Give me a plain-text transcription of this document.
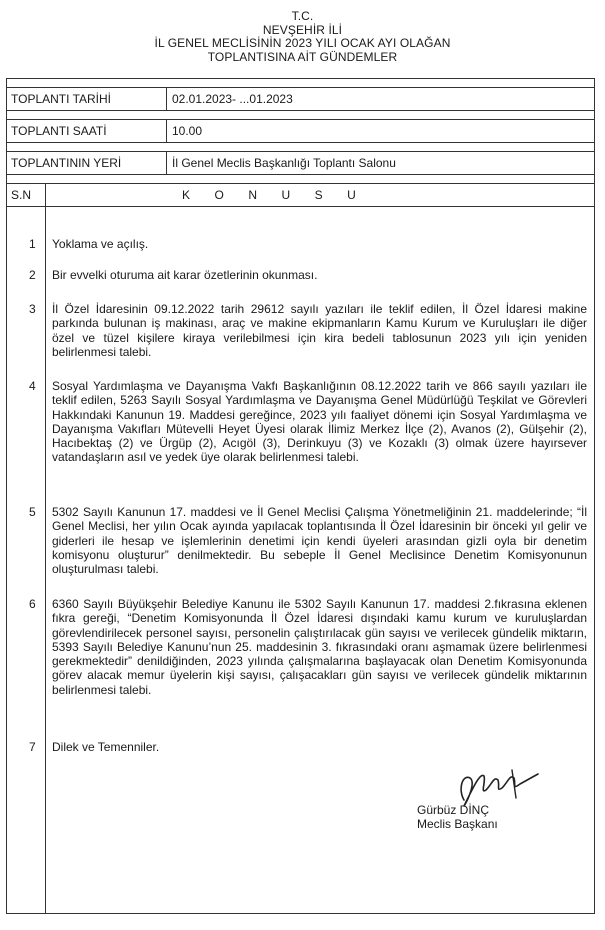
T.C.
NEVŞEHİR İLİ
İL GENEL MECLİSİNİN 2023 YILI OCAK AYI OLAĞAN
TOPLANTISINA AİT GÜNDEMLER
TOPLANTI TARİHİ	02.01.2023- ...01.2023
TOPLANTI SAATİ	10.00
TOPLANTININ YERİ	İl Genel Meclis Başkanlığı Toplantı Salonu
S.N	KONUSU
1 Yoklama ve açılış.
2 Bir evvelki oturuma ait karar özetlerinin okunması.
3 İl Özel İdaresinin 09.12.2022 tarih 29612 sayılı yazıları ile teklif edilen, İl Özel İdaresi makine parkında bulunan iş makinası, araç ve makine ekipmanların Kamu Kurum ve Kuruluşları ile diğer özel ve tüzel kişilere kiraya verilebilmesi için kira bedeli tablosunun 2023 yılı için yeniden belirlenmesi talebi.
4 Sosyal Yardımlaşma ve Dayanışma Vakfı Başkanlığının 08.12.2022 tarih ve 866 sayılı yazıları ile teklif edilen, 5263 Sayılı Sosyal Yardımlaşma ve Dayanışma Genel Müdürlüğü Teşkilat ve Görevleri Hakkındaki Kanunun 19. Maddesi gereğince, 2023 yılı faaliyet dönemi için Sosyal Yardımlaşma ve Dayanışma Vakıfları Mütevelli Heyet Üyesi olarak İlimiz Merkez İlçe (2), Avanos (2), Gülşehir (2), Hacıbektaş (2) ve Ürgüp (2), Acıgöl (3), Derinkuyu (3) ve Kozaklı (3) olmak üzere hayırsever vatandaşların asıl ve yedek üye olarak belirlenmesi talebi.
5 5302 Sayılı Kanunun 17. maddesi ve İl Genel Meclisi Çalışma Yönetmeliğinin 21. maddelerinde; “İl Genel Meclisi, her yılın Ocak ayında yapılacak toplantısında İl Özel İdaresinin bir önceki yıl gelir ve giderleri ile hesap ve işlemlerinin denetimi için kendi üyeleri arasından gizli oyla bir denetim komisyonu oluşturur” denilmektedir. Bu sebeple İl Genel Meclisince Denetim Komisyonunun oluşturulması talebi.
6 6360 Sayılı Büyükşehir Belediye Kanunu ile 5302 Sayılı Kanunun 17. maddesi 2.fıkrasına eklenen fıkra gereği, “Denetim Komisyonunda İl Özel İdaresi dışındaki kamu kurum ve kuruluşlardan görevlendirilecek personel sayısı, personelin çalıştırılacak gün sayısı ve verilecek gündelik miktarın, 5393 Sayılı Belediye Kanunu’nun 25. maddesinin 3. fıkrasındaki oranı aşmamak üzere belirlenmesi gerekmektedir” denildiğinden, 2023 yılında çalışmalarına başlayacak olan Denetim Komisyonunda görev alacak memur üyelerin kişi sayısı, çalışacakları gün sayısı ve verilecek gündelik miktarının belirlenmesi talebi.
7 Dilek ve Temenniler.
Gürbüz DİNÇ
Meclis Başkanı
